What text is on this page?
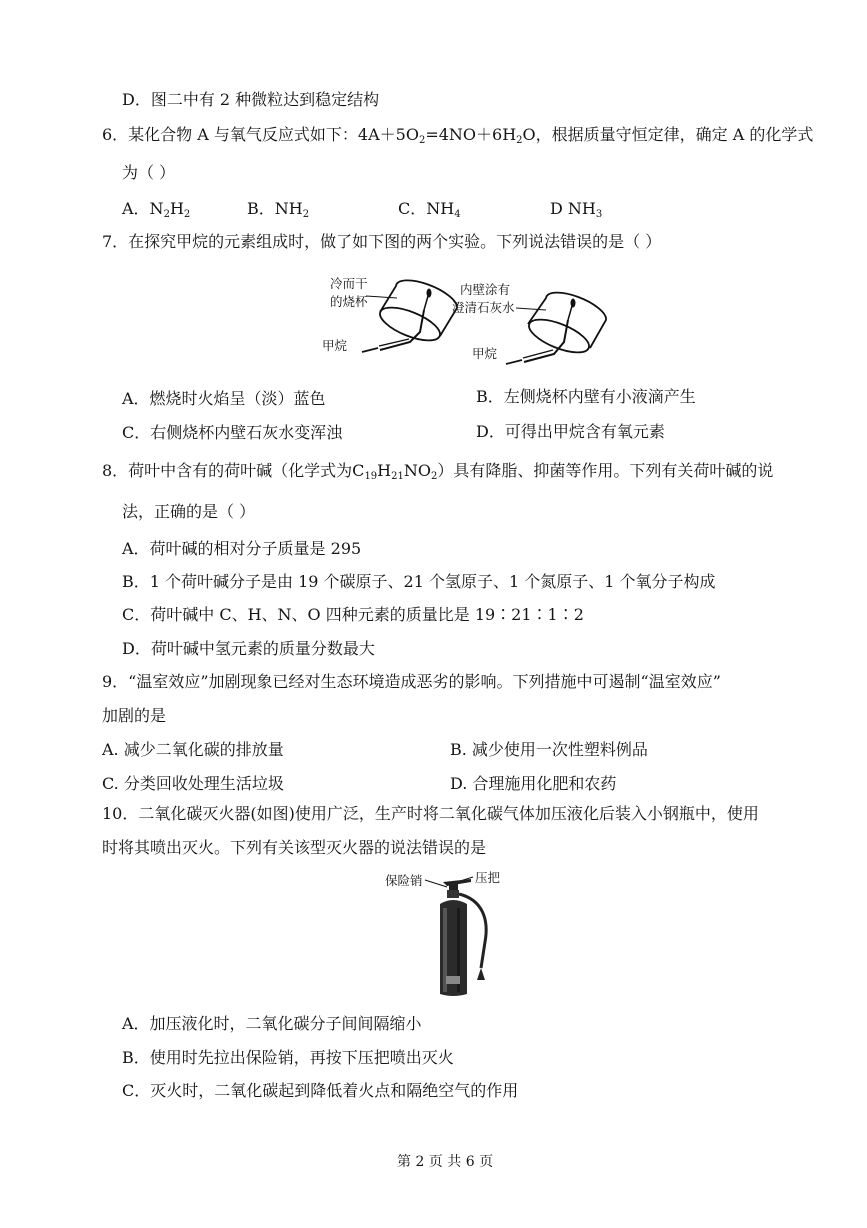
D．图二中有 2 种微粒达到稳定结构
6．某化合物 A 与氧气反应式如下：$4A+5O_2=4NO+6H_2O$，根据质量守恒定律，确定 A 的化学式
为（ ）
A．$N_2H_2$	B．$NH_2$	C．$NH_4$	D $NH_3$
7．在探究甲烷的元素组成时，做了如下图的两个实验。下列说法错误的是（ ）
冷而干
的烧杯
甲烷
内壁涂有
澄清石灰水
甲烷
A．燃烧时火焰呈（淡）蓝色	B．左侧烧杯内壁有小液滴产生
C．右侧烧杯内壁石灰水变浑浊	D．可得出甲烷含有氧元素
8．荷叶中含有的荷叶碱（化学式为$C_{19}H_{21}NO_2$）具有降脂、抑菌等作用。下列有关荷叶碱的说
法，正确的是（ ）
A．荷叶碱的相对分子质量是 295
B．1 个荷叶碱分子是由 19 个碳原子、21 个氢原子、1 个氮原子、1 个氧分子构成
C．荷叶碱中 C、H、N、O 四种元素的质量比是 19∶21∶1∶2
D．荷叶碱中氢元素的质量分数最大
9．“温室效应”加剧现象已经对生态环境造成恶劣的影响。下列措施中可遏制“温室效应”
加剧的是
A. 减少二氧化碳的排放量	B. 减少使用一次性塑料例品
C. 分类回收处理生活垃圾	D. 合理施用化肥和农药
10．二氧化碳灭火器(如图)使用广泛，生产时将二氧化碳气体加压液化后装入小钢瓶中，使用
时将其喷出灭火。下列有关该型灭火器的说法错误的是
保险销	压把
A．加压液化时，二氧化碳分子间间隔缩小
B．使用时先拉出保险销，再按下压把喷出灭火
C．灭火时，二氧化碳起到降低着火点和隔绝空气的作用
第 2 页 共 6 页
